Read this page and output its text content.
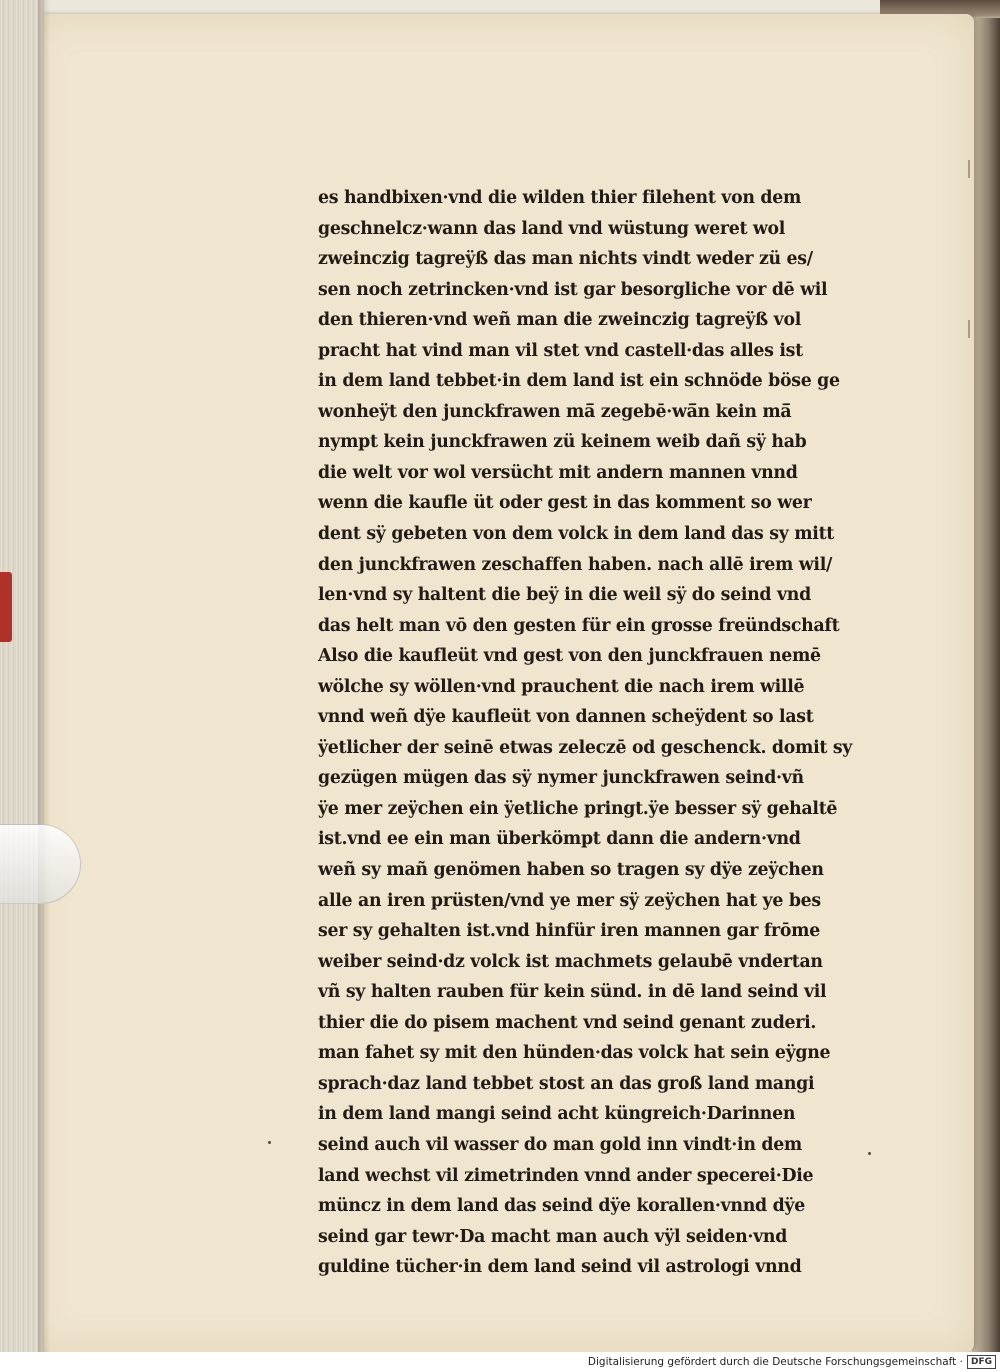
es handbixen·vnd die wilden thier filehent von dem
geschnelcz·wann das land vnd wüstung weret wol
zweinczig tagreÿß das man nichts vindt weder zü es/
sen noch zetrincken·vnd ist gar besorgliche vor dē wil
den thieren·vnd weñ man die zweinczig tagreÿß vol
pracht hat vind man vil stet vnd castell·das alles ist
in dem land tebbet·in dem land ist ein schnöde böse ge
wonheÿt den junckfrawen mā̄ zegebē·wā̄n kein mā̄
nympt kein junckfrawen zü keinem weib dañ sÿ hab
die welt vor wol versücht mit andern mannen vnnd
wenn die kaufle üt oder gest in das komment so wer
dent sÿ gebeten von dem volck in dem land das sy mitt
den junckfrawen zeschaffen haben. nach allē irem wil/
len·vnd sy haltent die beÿ in die weil sÿ do seind vnd
das helt man vō den gesten für ein grosse freündschaft
Also die kaufleüt vnd gest von den junckfrauen nemē
wölche sy wöllen·vnd prauchent die nach irem willē
vnnd weñ dÿe kaufleüt von dannen scheÿdent so last
ÿetlicher der seinē etwas zeleczē od geschenck. domit sy
gezügen mügen das sÿ nymer junckfrawen seind·vñ
ÿe mer zeÿchen ein ÿetliche pringt.ÿe besser sÿ gehaltē
ist.vnd ee ein man überkömpt dann die andern·vnd
weñ sy mañ genömen haben so tragen sy dÿe zeÿchen
alle an iren prüsten/vnd ye mer sÿ zeÿchen hat ye bes
ser sy gehalten ist.vnd hinfür iren mannen gar frōme
weiber seind·dz volck ist machmets gelaubē vndertan
vñ sy halten rauben für kein sünd. in dē land seind vil
thier die do pisem machent vnd seind genant zuderi.
man fahet sy mit den hünden·das volck hat sein eÿgne
sprach·daz land tebbet stost an das groß land mangi
in dem land mangi seind acht küngreich·Darinnen
seind auch vil wasser do man gold inn vindt·in dem
land wechst vil zimetrinden vnnd ander specerei·Die
müncz in dem land das seind dÿe korallen·vnnd dÿe
seind gar tewr·Da macht man auch vÿl seiden·vnd
guldine tücher·in dem land seind vil astrologi vnnd
Digitalisierung gefördert durch die Deutsche Forschungsgemeinschaft · DFG
